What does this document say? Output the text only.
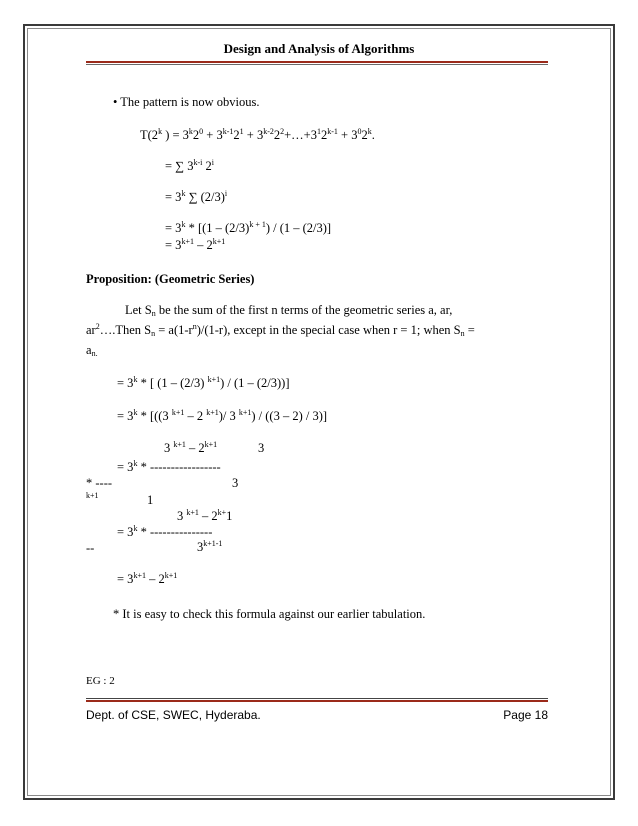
Design and Analysis of Algorithms
• The pattern is now obvious.
T(2$^k$ ) = $3^k2^0 + 3^{k-1}2^1$ + $3^{k-2}2^2+\dots+3^12^{k-1} + 3^02^k$.
= ∑ 3$^{k-i}$ $2^i$
= $3^k$ ∑ $(2/3)^i$
= $3^k * [(1 - (2/3)^{k + 1}) / (1 - (2/3)]$
= $3^{k+1} - 2^{k+1}$
Proposition: (Geometric Series)
Let $S_n$ be the sum of the first n terms of the geometric series a, ar,
$ar^2\dots.Then$ $S_n = a(1-r^n)/(1-r)$, except in the special case when r = 1; when $S_n$ =
$a_{n.}$
= $3^k$ * [ (1 – (2/3) $^{k+1}$) / (1 – (2/3))]
= $3^k * [((3$ $^{k+1}$ – 2 $^{k+1}$)/ 3 $^{k+1}$) / ((3 – 2) / 3)]
3 $^{k+1} - 2^{k+1}$	3
= $3^k$ * -----------------
* ----	3
k+1	1
3 $^{k+1} - 2^{k+}1$
= $3^k$ * ---------------
--	$3^{k+1-1}$
= $3^{k+1} - 2^{k+1}$
* It is easy to check this formula against our earlier tabulation.
EG : 2
Dept. of CSE, SWEC, Hyderaba.	Page 18
